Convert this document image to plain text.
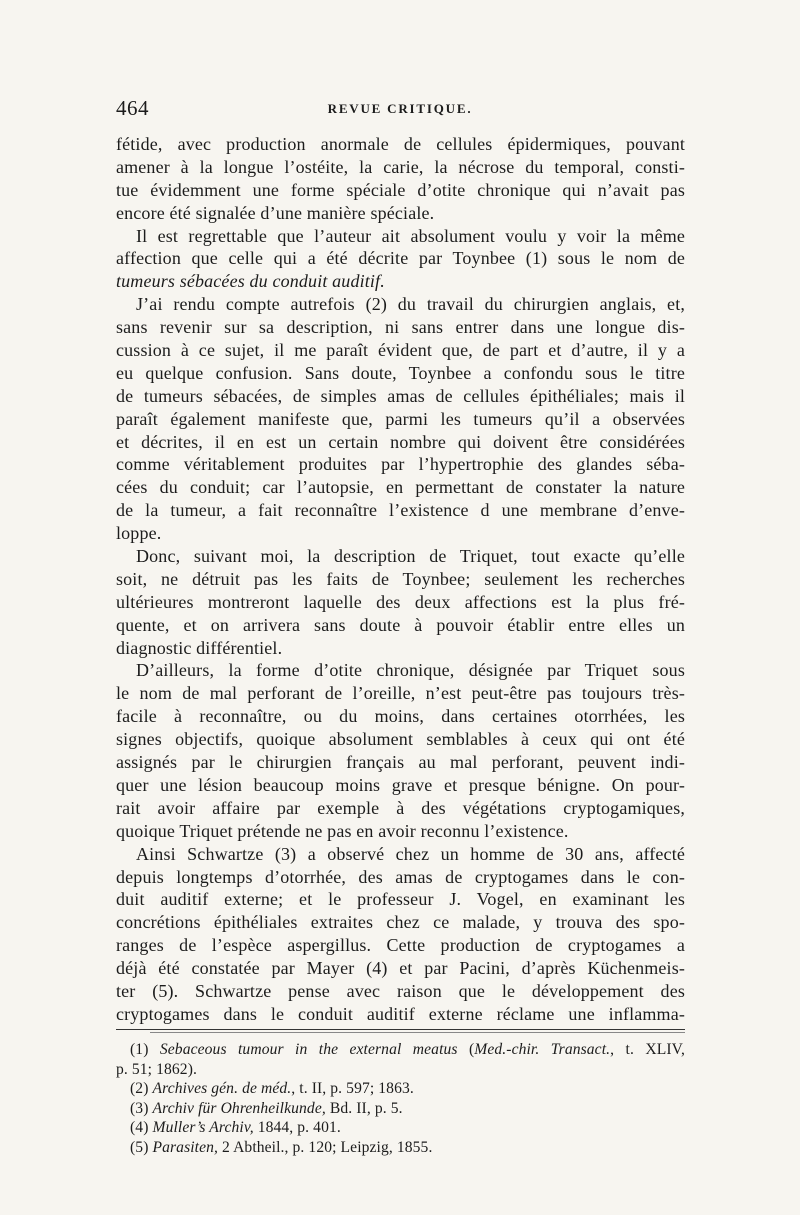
464	REVUE CRITIQUE.
fétide, avec production anormale de cellules épidermiques, pouvant
amener à la longue l’ostéite, la carie, la nécrose du temporal, consti-
tue évidemment une forme spéciale d’otite chronique qui n’avait pas
encore été signalée d’une manière spéciale.
Il est regrettable que l’auteur ait absolument voulu y voir la même
affection que celle qui a été décrite par Toynbee (1) sous le nom de
tumeurs sébacées du conduit auditif.
J’ai rendu compte autrefois (2) du travail du chirurgien anglais, et,
sans revenir sur sa description, ni sans entrer dans une longue dis-
cussion à ce sujet, il me paraît évident que, de part et d’autre, il y a
eu quelque confusion. Sans doute, Toynbee a confondu sous le titre
de tumeurs sébacées, de simples amas de cellules épithéliales; mais il
paraît également manifeste que, parmi les tumeurs qu’il a observées
et décrites, il en est un certain nombre qui doivent être considérées
comme véritablement produites par l’hypertrophie des glandes séba-
cées du conduit; car l’autopsie, en permettant de constater la nature
de la tumeur, a fait reconnaître l’existence d une membrane d’enve-
loppe.
Donc, suivant moi, la description de Triquet, tout exacte qu’elle
soit, ne détruit pas les faits de Toynbee; seulement les recherches
ultérieures montreront laquelle des deux affections est la plus fré-
quente, et on arrivera sans doute à pouvoir établir entre elles un
diagnostic différentiel.
D’ailleurs, la forme d’otite chronique, désignée par Triquet sous
le nom de mal perforant de l’oreille, n’est peut-être pas toujours très-
facile à reconnaître, ou du moins, dans certaines otorrhées, les
signes objectifs, quoique absolument semblables à ceux qui ont été
assignés par le chirurgien français au mal perforant, peuvent indi-
quer une lésion beaucoup moins grave et presque bénigne. On pour-
rait avoir affaire par exemple à des végétations cryptogamiques,
quoique Triquet prétende ne pas en avoir reconnu l’existence.
Ainsi Schwartze (3) a observé chez un homme de 30 ans, affecté
depuis longtemps d’otorrhée, des amas de cryptogames dans le con-
duit auditif externe; et le professeur J. Vogel, en examinant les
concrétions épithéliales extraites chez ce malade, y trouva des spo-
ranges de l’espèce aspergillus. Cette production de cryptogames a
déjà été constatée par Mayer (4) et par Pacini, d’après Küchenmeis-
ter (5). Schwartze pense avec raison que le développement des
cryptogames dans le conduit auditif externe réclame une inflamma-
(1) Sebaceous tumour in the external meatus (Med.-chir. Transact., t. XLIV,
p. 51; 1862).
(2) Archives gén. de méd., t. II, p. 597; 1863.
(3) Archiv für Ohrenheilkunde, Bd. II, p. 5.
(4) Muller’s Archiv, 1844, p. 401.
(5) Parasiten, 2 Abtheil., p. 120; Leipzig, 1855.
